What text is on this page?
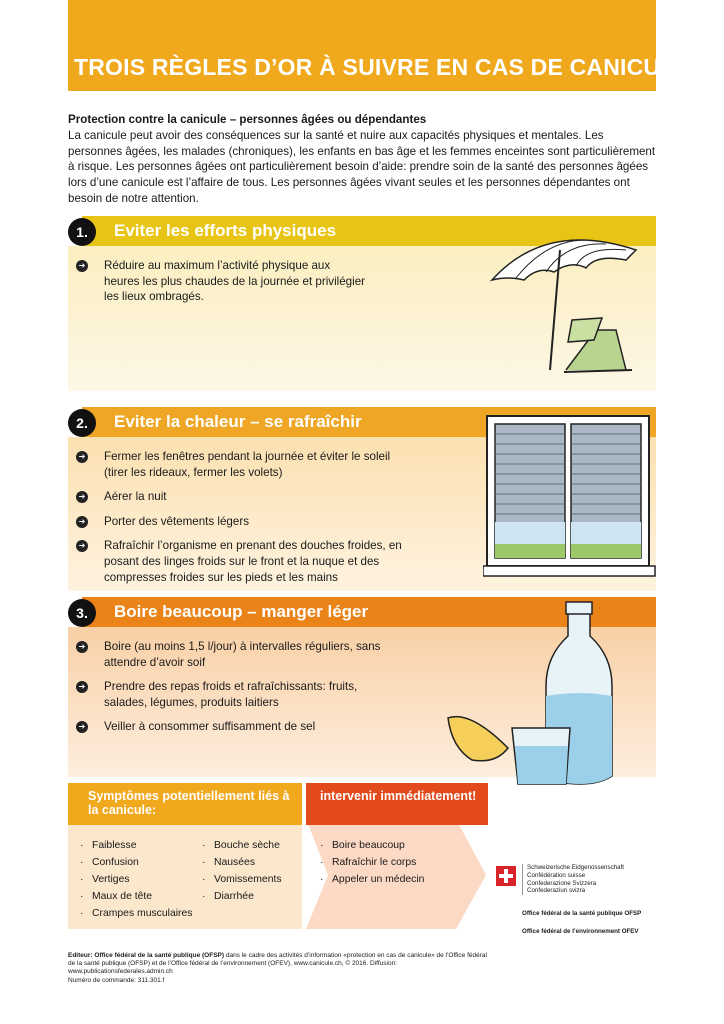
TROIS RÈGLES D’OR À SUIVRE EN CAS DE CANICULE
Protection contre la canicule – personnes âgées ou dépendantes
La canicule peut avoir des conséquences sur la santé et nuire aux capacités physiques et mentales. Les personnes âgées, les malades (chroniques), les enfants en bas âge et les femmes enceintes sont particulièrement à risque. Les personnes âgées ont particulièrement besoin d’aide: prendre soin de la santé des personnes âgées lors d’une canicule est l’affaire de tous. Les personnes âgées vivant seules et les personnes dépendantes ont besoin de notre attention.
1.	Eviter les efforts physiques
➔ Réduire au maximum l’activité physique aux heures les plus chaudes de la journée et privilégier les lieux ombragés.
2.	Eviter la chaleur – se rafraîchir
➔ Fermer les fenêtres pendant la journée et éviter le soleil (tirer les rideaux, fermer les volets)
➔ Aérer la nuit
➔ Porter des vêtements légers
➔ Rafraîchir l’organisme en prenant des douches froides, en posant des linges froids sur le front et la nuque et des compresses froides sur les pieds et les mains
3.	Boire beaucoup – manger léger
➔ Boire (au moins 1,5 l/jour) à intervalles réguliers, sans attendre d’avoir soif
➔ Prendre des repas froids et rafraîchissants: fruits, salades, légumes, produits laitiers
➔ Veiller à consommer suffisamment de sel
Symptômes potentiellement liés à la canicule:
· Faiblesse
· Confusion
· Vertiges
· Maux de tête
· Crampes musculaires
· Bouche sèche
· Nausées
· Vomissements
· Diarrhée
intervenir immédiatement!
· Boire beaucoup
· Rafraîchir le corps
· Appeler un médecin
Schweizerische Eidgenossenschaft
Confédération suisse
Confederazione Svizzera
Confederaziun svizra
Office fédéral de la santé publique OFSP
Office fédéral de l’environnement OFEV
Editeur: Office fédéral de la santé publique (OFSP) dans le cadre des activités d’information «protection en cas de canicule» de l’Office fédéral de la santé publique (OFSP) et de l’Office fédéral de l’environnement (OFEV), www.canicule.ch, © 2016. Diffusion: www.publicationsfederales.admin.ch
Numéro de commande: 311.301.f
